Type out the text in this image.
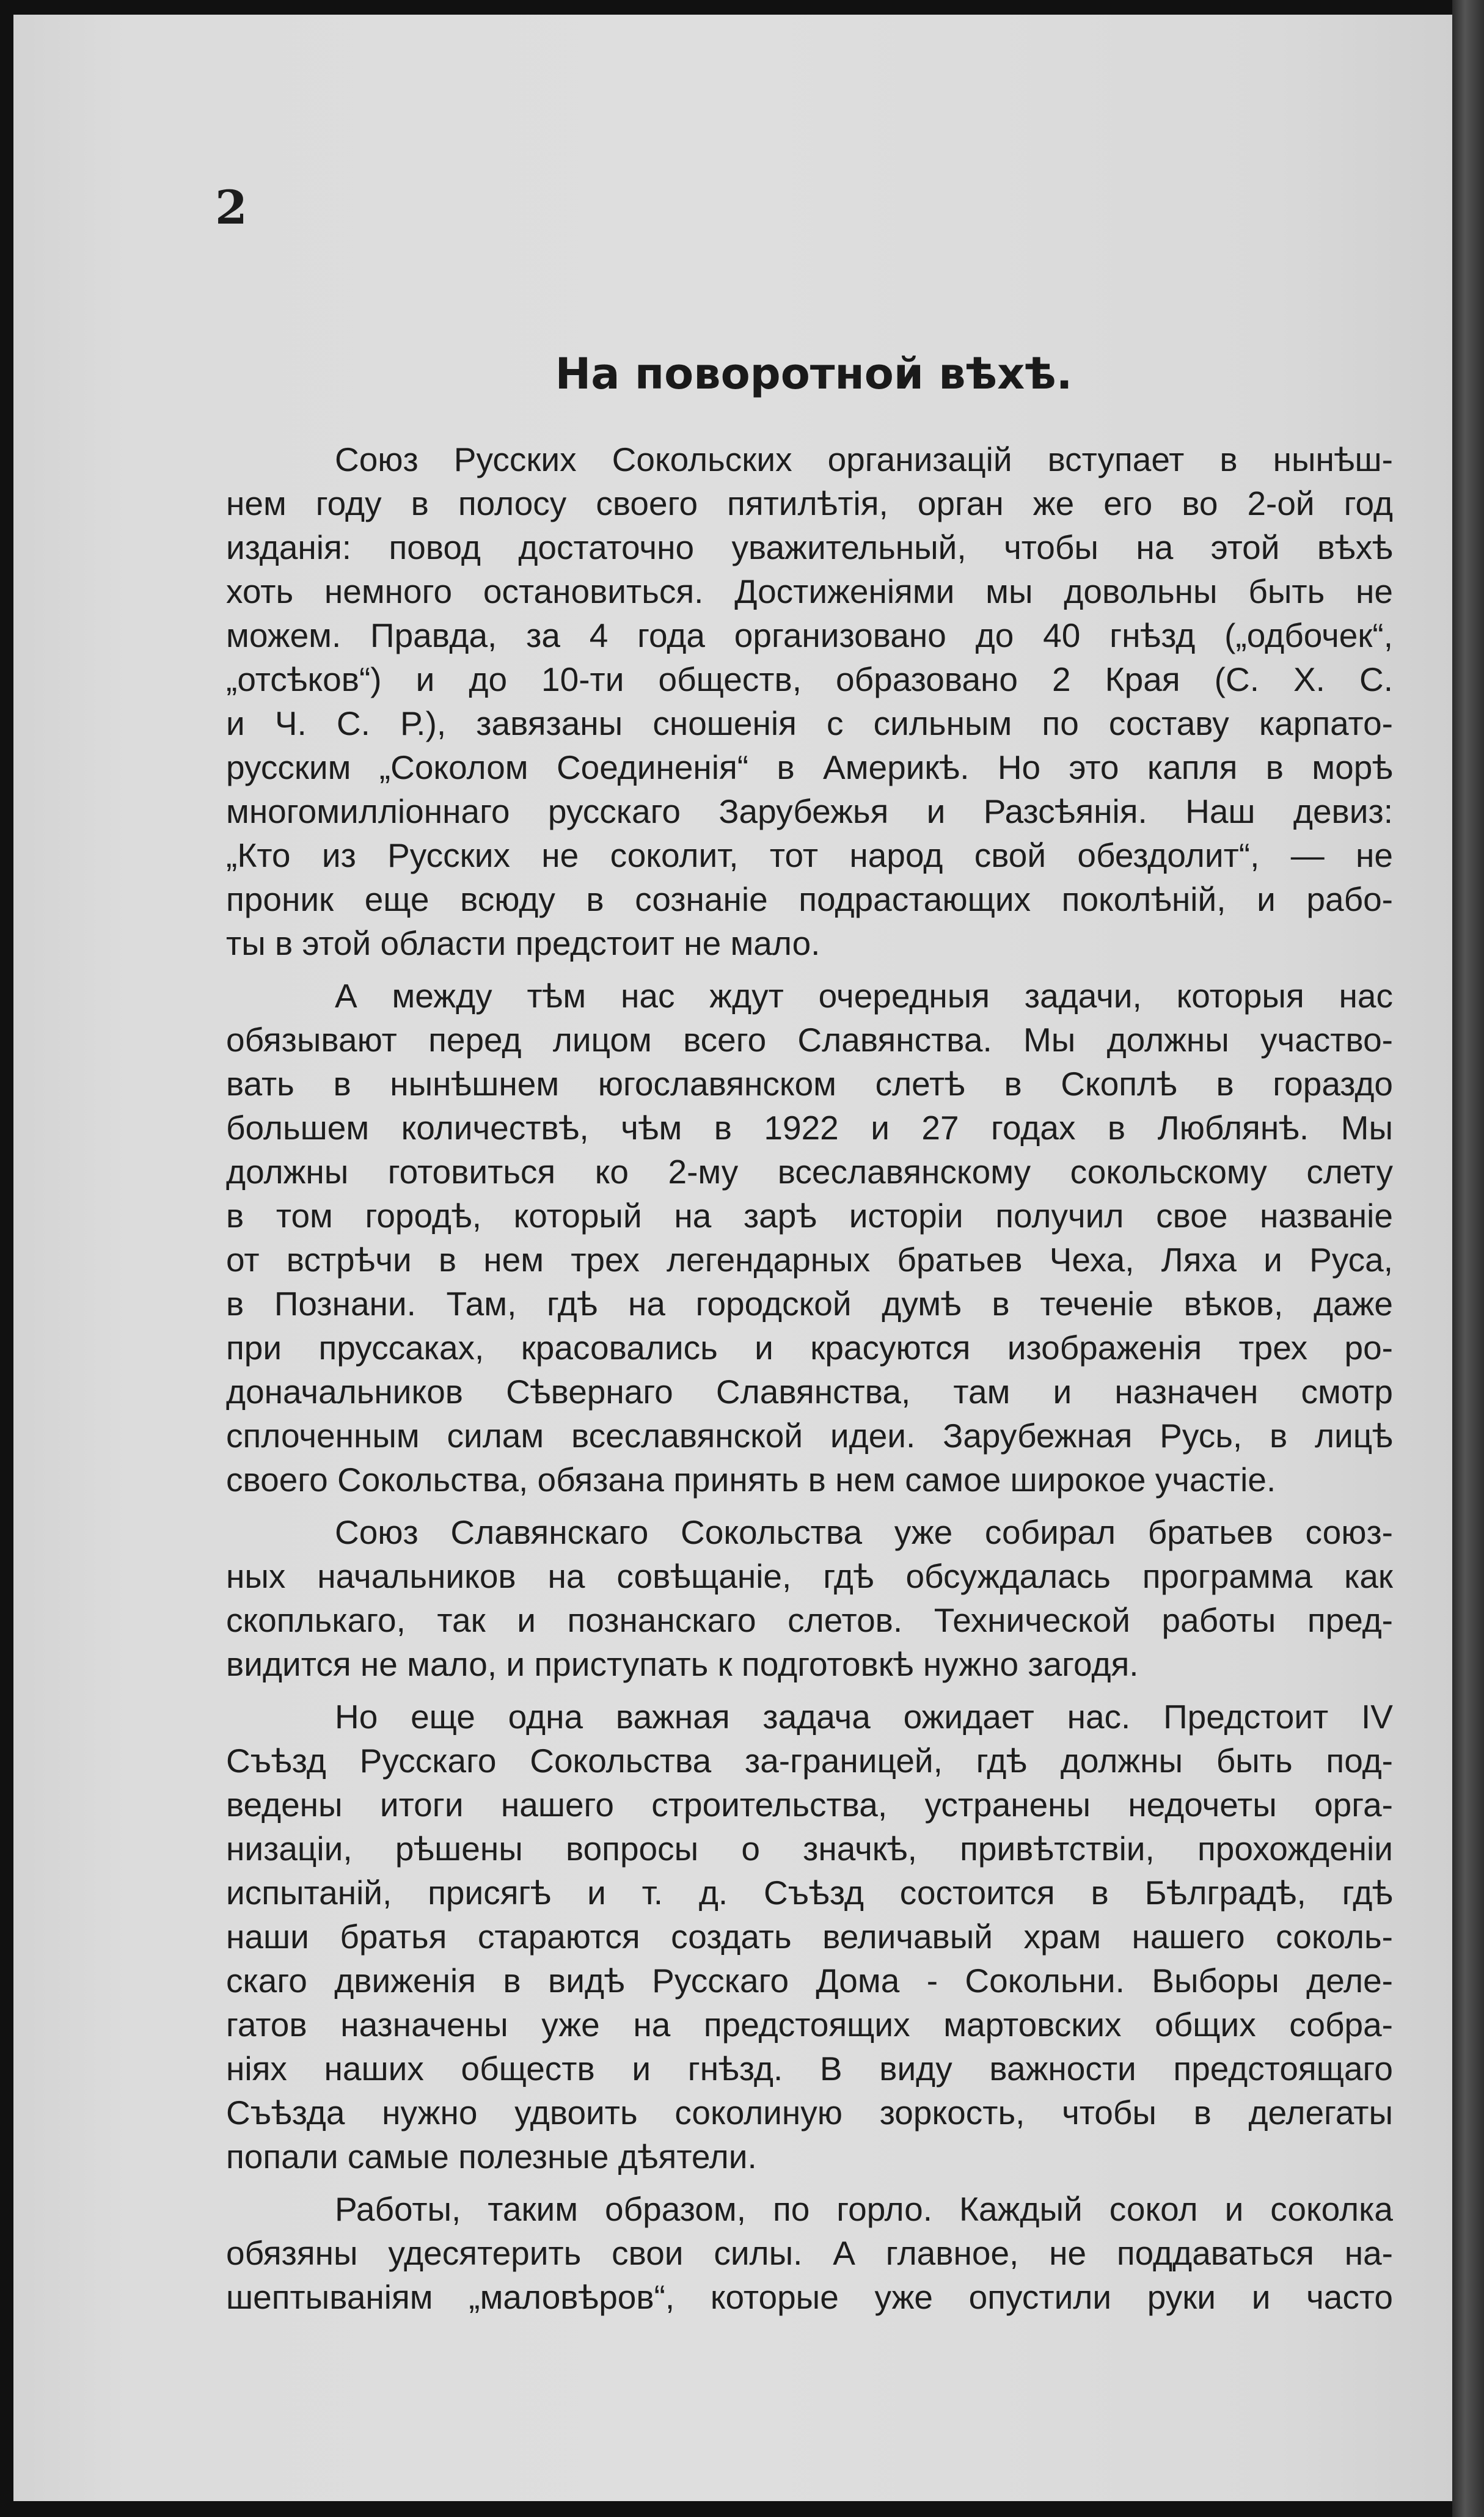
2
На поворотной вѣхѣ.

Союз Русских Сокольских организацій вступает в нынѣш-
нем году в полосу своего пятилѣтія, орган же его во 2-ой год
изданія: повод достаточно уважительный, чтобы на этой вѣхѣ
хоть немного остановиться. Достиженіями мы довольны быть не
можем. Правда, за 4 года организовано до 40 гнѣзд („одбочек“,
„отсѣков“) и до 10-ти обществ, образовано 2 Края (С. Х. С.
и Ч. С. Р.), завязаны сношенія с сильным по составу карпато-
русским „Соколом Соединенія“ в Америкѣ. Но это капля в морѣ
многомилліоннаго русскаго Зарубежья и Разсѣянія. Наш девиз:
„Кто из Русских не соколит, тот народ свой обездолит“, — не
проник еще всюду в сознаніе подрастающих поколѣній, и рабо-
ты в этой области предстоит не мало.

А между тѣм нас ждут очередныя задачи, которыя нас
обязывают перед лицом всего Славянства. Мы должны участво-
вать в нынѣшнем югославянском слетѣ в Скоплѣ в гораздо
большем количествѣ, чѣм в 1922 и 27 годах в Люблянѣ. Мы
должны готовиться ко 2-му всеславянскому сокольскому слету
в том городѣ, который на зарѣ исторіи получил свое названіе
от встрѣчи в нем трех легендарных братьев Чеха, Ляха и Руса,
в Познани. Там, гдѣ на городской думѣ в теченіе вѣков, даже
при пруссаках, красовались и красуются изображенія трех ро-
доначальников Сѣвернаго Славянства, там и назначен смотр
сплоченным силам всеславянской идеи. Зарубежная Русь, в лицѣ
своего Сокольства, обязана принять в нем самое широкое участіе.

Союз Славянскаго Сокольства уже собирал братьев союз-
ных начальников на совѣщаніе, гдѣ обсуждалась программа как
скоплькаго, так и познанскаго слетов. Технической работы пред-
видится не мало, и приступать к подготовкѣ нужно загодя.

Но еще одна важная задача ожидает нас. Предстоит IV
Съѣзд Русскаго Сокольства за-границей, гдѣ должны быть под-
ведены итоги нашего строительства, устранены недочеты орга-
низаціи, рѣшены вопросы о значкѣ, привѣтствіи, прохожденіи
испытаній, присягѣ и т. д. Съѣзд состоится в Бѣлградѣ, гдѣ
наши братья стараются создать величавый храм нашего соколь-
скаго движенія в видѣ Русскаго Дома - Сокольни. Выборы деле-
гатов назначены уже на предстоящих мартовских общих собра-
ніях наших обществ и гнѣзд. В виду важности предстоящаго
Съѣзда нужно удвоить соколиную зоркость, чтобы в делегаты
попали самые полезные дѣятели.

Работы, таким образом, по горло. Каждый сокол и соколка
обязяны удесятерить свои силы. А главное, не поддаваться на-
шептываніям „маловѣров“, которые уже опустили руки и часто
